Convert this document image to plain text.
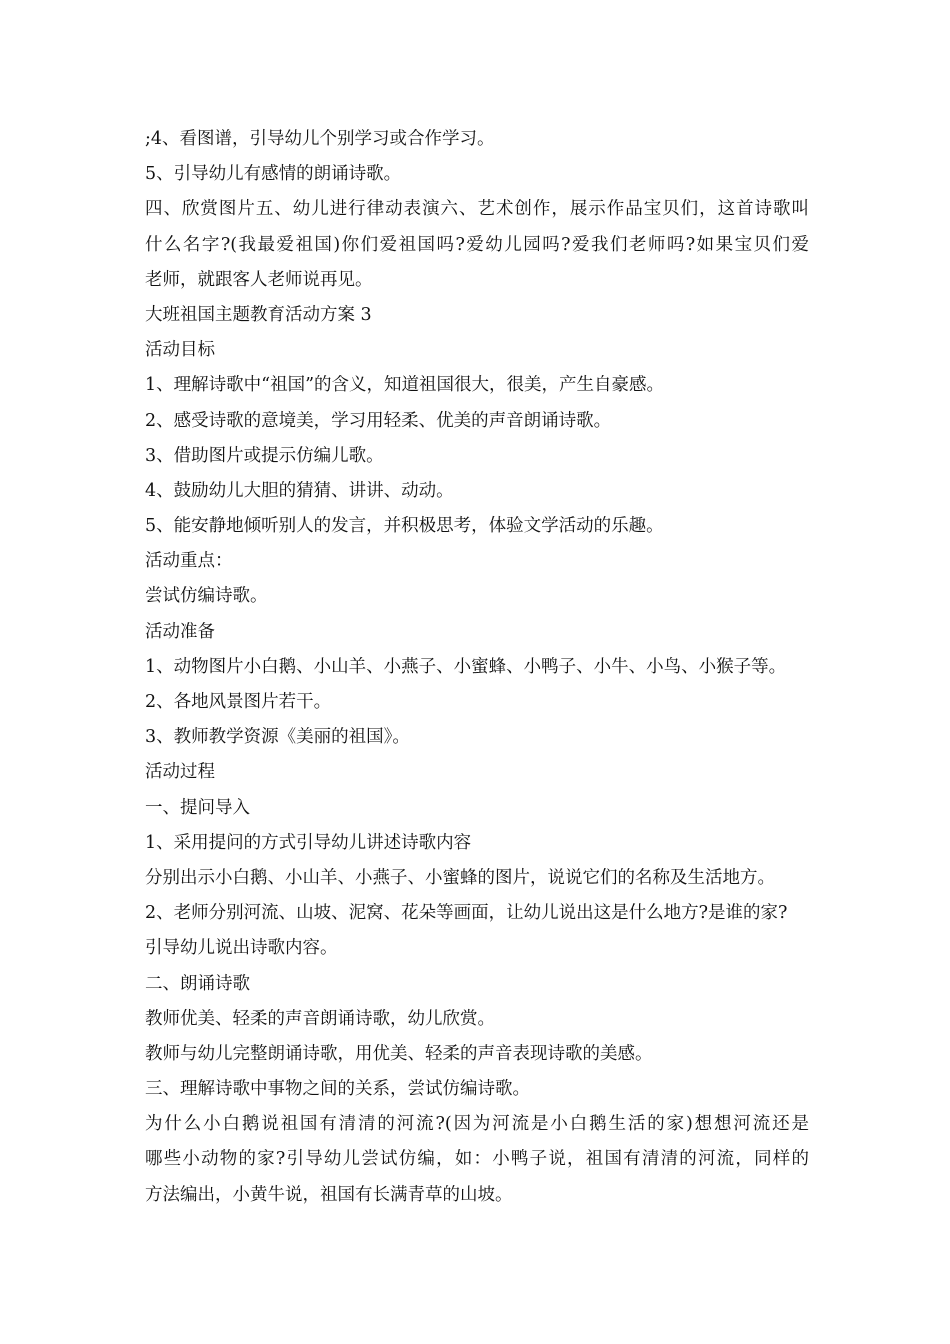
;4、看图谱，引导幼儿个别学习或合作学习。
5、引导幼儿有感情的朗诵诗歌。
四、欣赏图片五、幼儿进行律动表演六、艺术创作，展示作品宝贝们，这首诗歌叫
什么名字?(我最爱祖国)你们爱祖国吗?爱幼儿园吗?爱我们老师吗?如果宝贝们爱
老师，就跟客人老师说再见。
大班祖国主题教育活动方案 3
活动目标
1、理解诗歌中“祖国”的含义，知道祖国很大，很美，产生自豪感。
2、感受诗歌的意境美，学习用轻柔、优美的声音朗诵诗歌。
3、借助图片或提示仿编儿歌。
4、鼓励幼儿大胆的猜猜、讲讲、动动。
5、能安静地倾听别人的发言，并积极思考，体验文学活动的乐趣。
活动重点：
尝试仿编诗歌。
活动准备
1、动物图片小白鹅、小山羊、小燕子、小蜜蜂、小鸭子、小牛、小鸟、小猴子等。
2、各地风景图片若干。
3、教师教学资源《美丽的祖国》。
活动过程
一、提问导入
1、采用提问的方式引导幼儿讲述诗歌内容
分别出示小白鹅、小山羊、小燕子、小蜜蜂的图片，说说它们的名称及生活地方。
2、老师分别河流、山坡、泥窝、花朵等画面，让幼儿说出这是什么地方?是谁的家?
引导幼儿说出诗歌内容。
二、朗诵诗歌
教师优美、轻柔的声音朗诵诗歌，幼儿欣赏。
教师与幼儿完整朗诵诗歌，用优美、轻柔的声音表现诗歌的美感。
三、理解诗歌中事物之间的关系，尝试仿编诗歌。
为什么小白鹅说祖国有清清的河流?(因为河流是小白鹅生活的家)想想河流还是
哪些小动物的家?引导幼儿尝试仿编，如：小鸭子说，祖国有清清的河流，同样的
方法编出，小黄牛说，祖国有长满青草的山坡。
